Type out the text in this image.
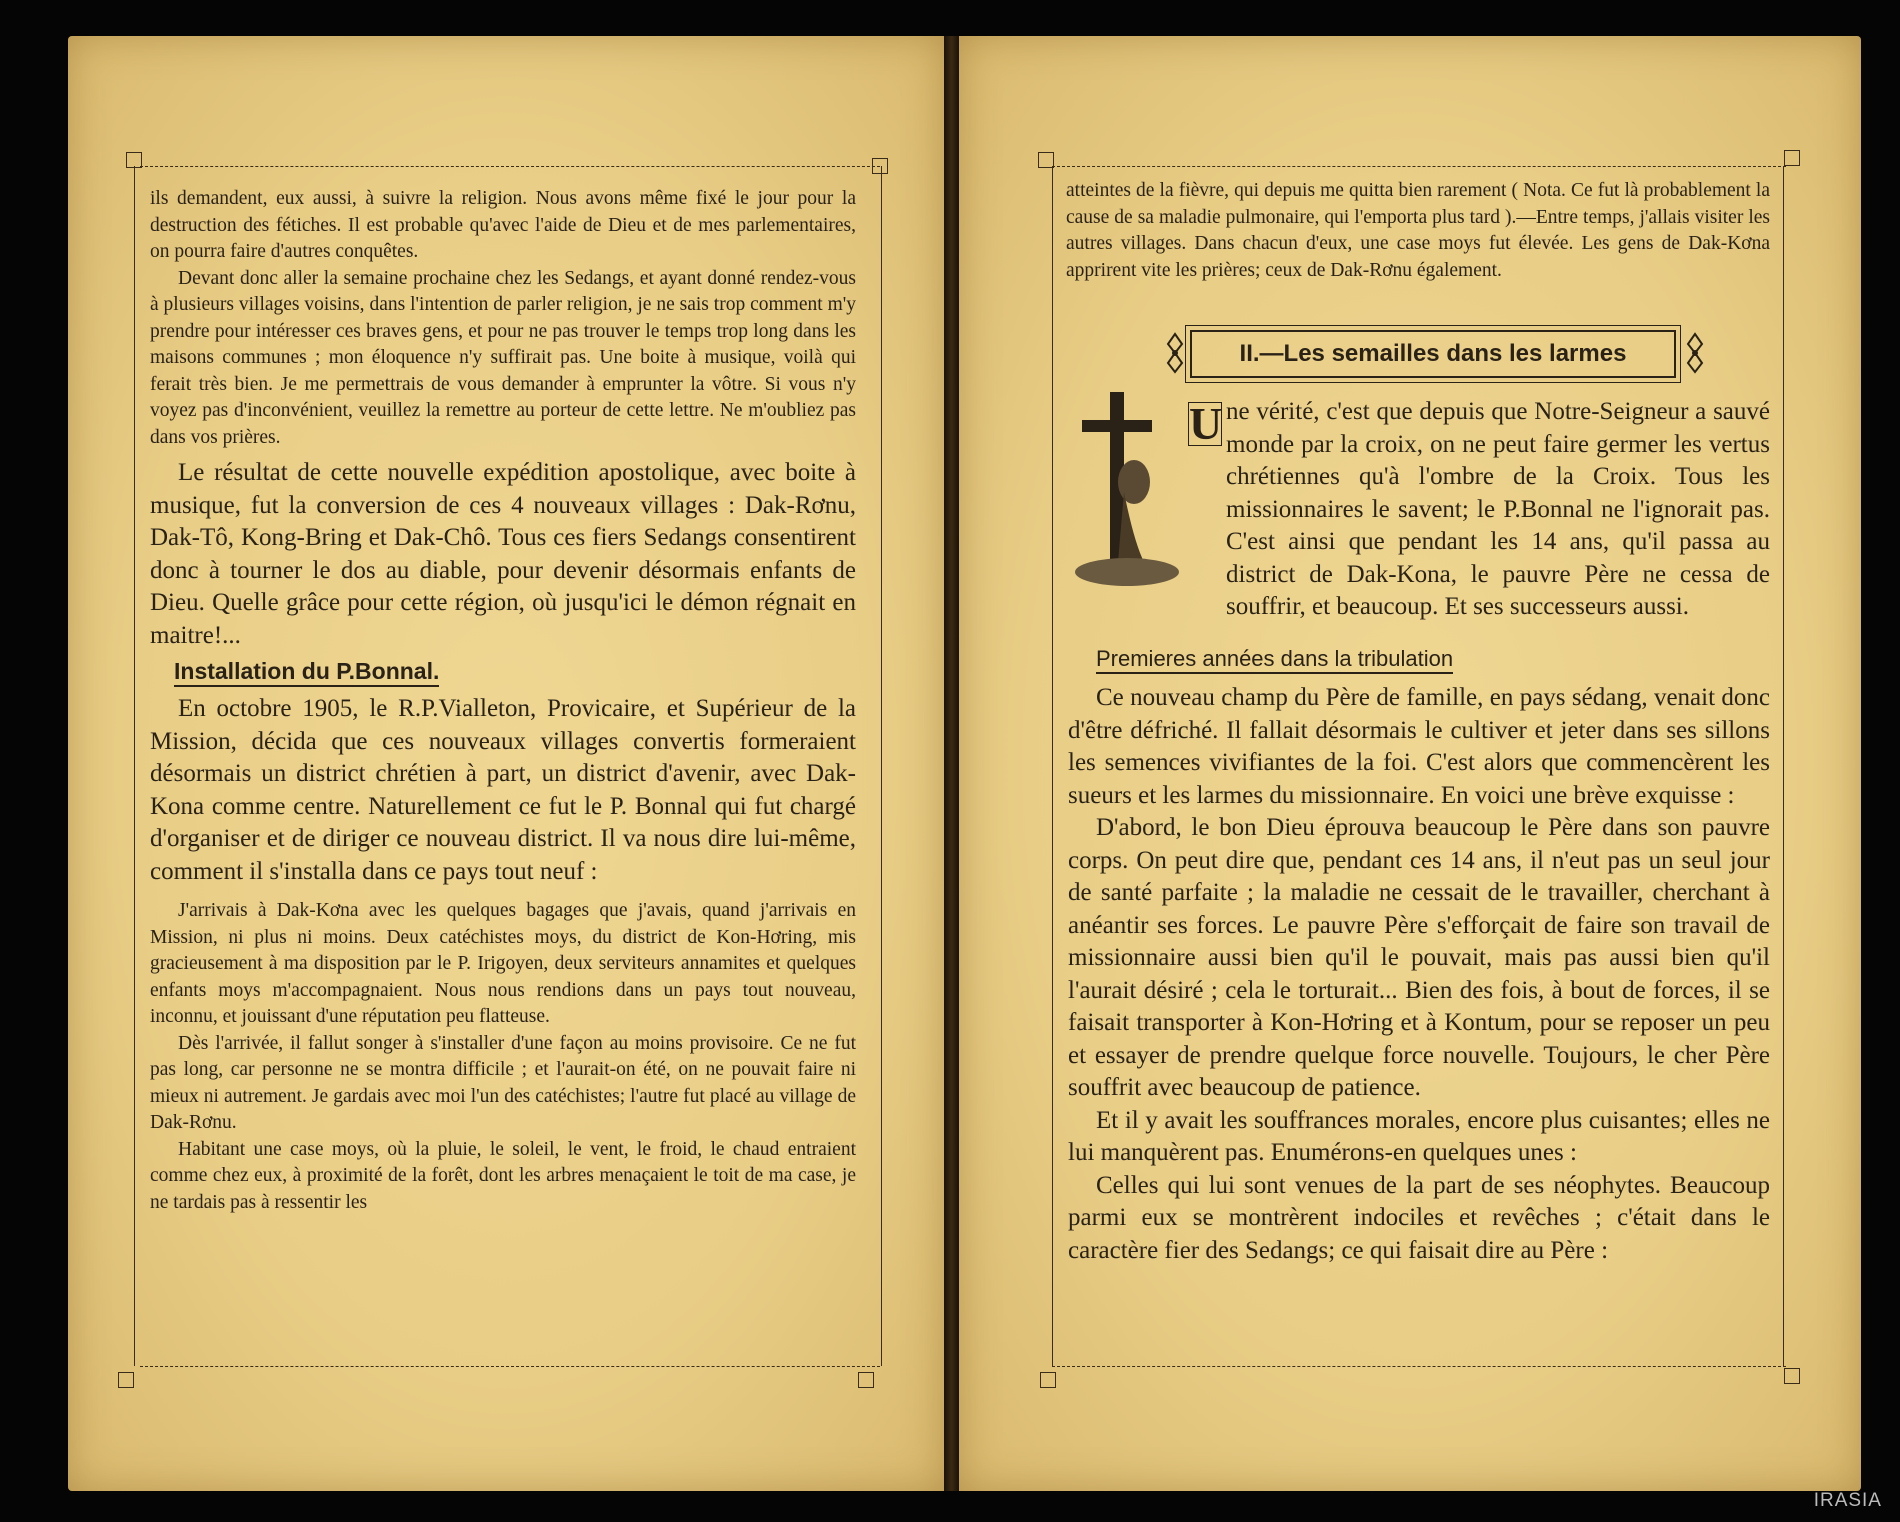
ils demandent, eux aussi, à suivre la religion. Nous avons même fixé le jour pour la destruction des fétiches. Il est probable qu'avec l'aide de Dieu et de mes parlementaires, on pourra faire d'autres conquêtes.

Devant donc aller la semaine prochaine chez les Sedangs, et ayant donné rendez-vous à plusieurs villages voisins, dans l'intention de parler religion, je ne sais trop comment m'y prendre pour intéresser ces braves gens, et pour ne pas trouver le temps trop long dans les maisons communes ; mon éloquence n'y suffirait pas. Une boite à musique, voilà qui ferait très bien. Je me permettrais de vous demander à emprunter la vôtre. Si vous n'y voyez pas d'inconvénient, veuillez la remettre au porteur de cette lettre. Ne m'oubliez pas dans vos prières.

Le résultat de cette nouvelle expédition apostolique, avec boite à musique, fut la conversion de ces 4 nouveaux villages : Dak-Rơnu, Dak-Tô, Kong-Bring et Dak-Chô. Tous ces fiers Sedangs consentirent donc à tourner le dos au diable, pour devenir désormais enfants de Dieu. Quelle grâce pour cette région, où jusqu'ici le démon régnait en maitre!...

Installation du P.Bonnal.

En octobre 1905, le R.P.Vialleton, Provicaire, et Supérieur de la Mission, décida que ces nouveaux villages convertis formeraient désormais un district chrétien à part, un district d'avenir, avec Dak-Kona comme centre. Naturellement ce fut le P. Bonnal qui fut chargé d'organiser et de diriger ce nouveau district. Il va nous dire lui-même, comment il s'installa dans ce pays tout neuf :

J'arrivais à Dak-Kơna avec les quelques bagages que j'avais, quand j'arrivais en Mission, ni plus ni moins. Deux catéchistes moys, du district de Kon-Hơring, mis gracieusement à ma disposition par le P. Irigoyen, deux serviteurs annamites et quelques enfants moys m'accompagnaient. Nous nous rendions dans un pays tout nouveau, inconnu, et jouissant d'une réputation peu flatteuse.

Dès l'arrivée, il fallut songer à s'installer d'une façon au moins provisoire. Ce ne fut pas long, car personne ne se montra difficile ; et l'aurait-on été, on ne pouvait faire ni mieux ni autrement. Je gardais avec moi l'un des catéchistes; l'autre fut placé au village de Dak-Rơnu.

Habitant une case moys, où la pluie, le soleil, le vent, le froid, le chaud entraient comme chez eux, à proximité de la forêt, dont les arbres menaçaient le toit de ma case, je ne tardais pas à ressentir les

atteintes de la fièvre, qui depuis me quitta bien rarement ( Nota. Ce fut là probablement la cause de sa maladie pulmonaire, qui l'emporta plus tard ).—Entre temps, j'allais visiter les autres villages. Dans chacun d'eux, une case moys fut élevée. Les gens de Dak-Kơna apprirent vite les prières; ceux de Dak-Rơnu également.
II.—Les semailles dans les larmes
U ne vérité, c'est que depuis que Notre-Seigneur a sauvé monde par la croix, on ne peut faire germer les vertus chrétiennes qu'à l'ombre de la Croix. Tous les missionnaires le savent; le P.Bonnal ne l'ignorait pas. C'est ainsi que pendant les 14 ans, qu'il passa au district de Dak-Kona, le pauvre Père ne cessa de souffrir, et beaucoup. Et ses successeurs aussi.

Premieres années dans la tribulation

Ce nouveau champ du Père de famille, en pays sédang, venait donc d'être défriché. Il fallait désormais le cultiver et jeter dans ses sillons les semences vivifiantes de la foi. C'est alors que commencèrent les sueurs et les larmes du missionnaire. En voici une brève exquisse :

D'abord, le bon Dieu éprouva beaucoup le Père dans son pauvre corps. On peut dire que, pendant ces 14 ans, il n'eut pas un seul jour de santé parfaite ; la maladie ne cessait de le travailler, cherchant à anéantir ses forces. Le pauvre Père s'efforçait de faire son travail de missionnaire aussi bien qu'il le pouvait, mais pas aussi bien qu'il l'aurait désiré ; cela le torturait... Bien des fois, à bout de forces, il se faisait transporter à Kon-Hơring et à Kontum, pour se reposer un peu et essayer de prendre quelque force nouvelle. Toujours, le cher Père souffrit avec beaucoup de patience.

Et il y avait les souffrances morales, encore plus cuisantes; elles ne lui manquèrent pas. Enumérons-en quelques unes :

Celles qui lui sont venues de la part de ses néophytes. Beaucoup parmi eux se montrèrent indociles et revêches ; c'était dans le caractère fier des Sedangs; ce qui faisait dire au Père :

IRASIA
